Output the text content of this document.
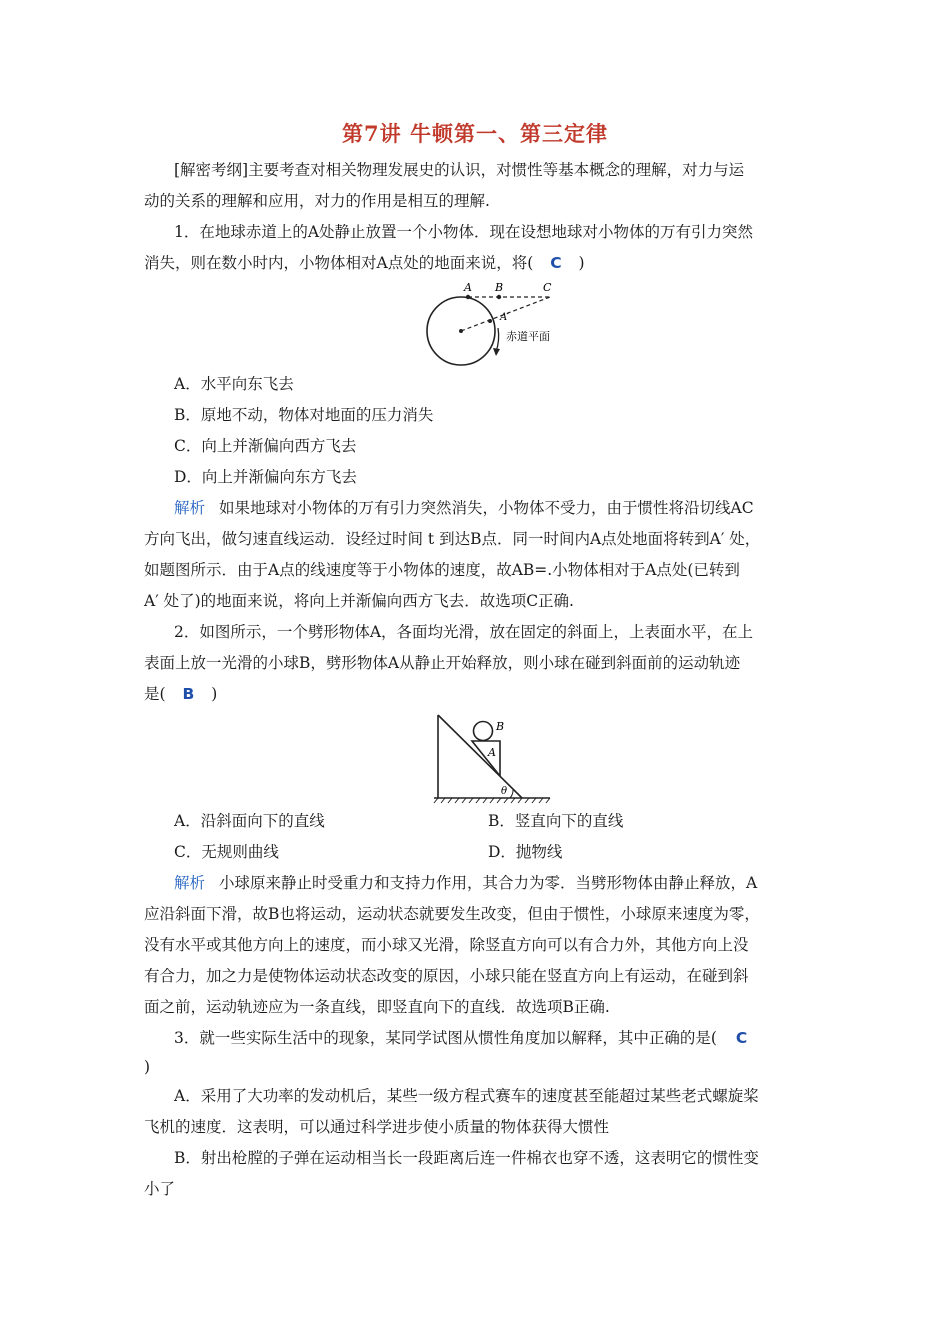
第7讲 牛顿第一、第三定律
[解密考纲]主要考查对相关物理发展史的认识，对惯性等基本概念的理解，对力与运
动的关系的理解和应用，对力的作用是相互的理解.
1．在地球赤道上的A处静止放置一个小物体．现在设想地球对小物体的万有引力突然
消失，则在数小时内，小物体相对A点处的地面来说，将( C )
A B	C
A′
赤道平面
A．水平向东飞去
B．原地不动，物体对地面的压力消失
C．向上并渐偏向西方飞去
D．向上并渐偏向东方飞去
解析 如果地球对小物体的万有引力突然消失，小物体不受力，由于惯性将沿切线AC
方向飞出，做匀速直线运动．设经过时间 t 到达B点．同一时间内A点处地面将转到A′ 处，
如题图所示．由于A点的线速度等于小物体的速度，故AB=.小物体相对于A点处(已转到
A′ 处了)的地面来说，将向上并渐偏向西方飞去．故选项C正确.
2．如图所示，一个劈形物体A，各面均光滑，放在固定的斜面上，上表面水平，在上
表面上放一光滑的小球B，劈形物体A从静止开始释放，则小球在碰到斜面前的运动轨迹
是( B )
B
A
θ
A．沿斜面向下的直线	B．竖直向下的直线
C．无规则曲线	D．抛物线
解析 小球原来静止时受重力和支持力作用，其合力为零．当劈形物体由静止释放，A
应沿斜面下滑，故B也将运动，运动状态就要发生改变，但由于惯性，小球原来速度为零，
没有水平或其他方向上的速度，而小球又光滑，除竖直方向可以有合力外，其他方向上没
有合力，加之力是使物体运动状态改变的原因，小球只能在竖直方向上有运动，在碰到斜
面之前，运动轨迹应为一条直线，即竖直向下的直线．故选项B正确.
3．就一些实际生活中的现象，某同学试图从惯性角度加以解释，其中正确的是( C
)
A．采用了大功率的发动机后，某些一级方程式赛车的速度甚至能超过某些老式螺旋桨
飞机的速度．这表明，可以通过科学进步使小质量的物体获得大惯性
B．射出枪膛的子弹在运动相当长一段距离后连一件棉衣也穿不透，这表明它的惯性变
小了
